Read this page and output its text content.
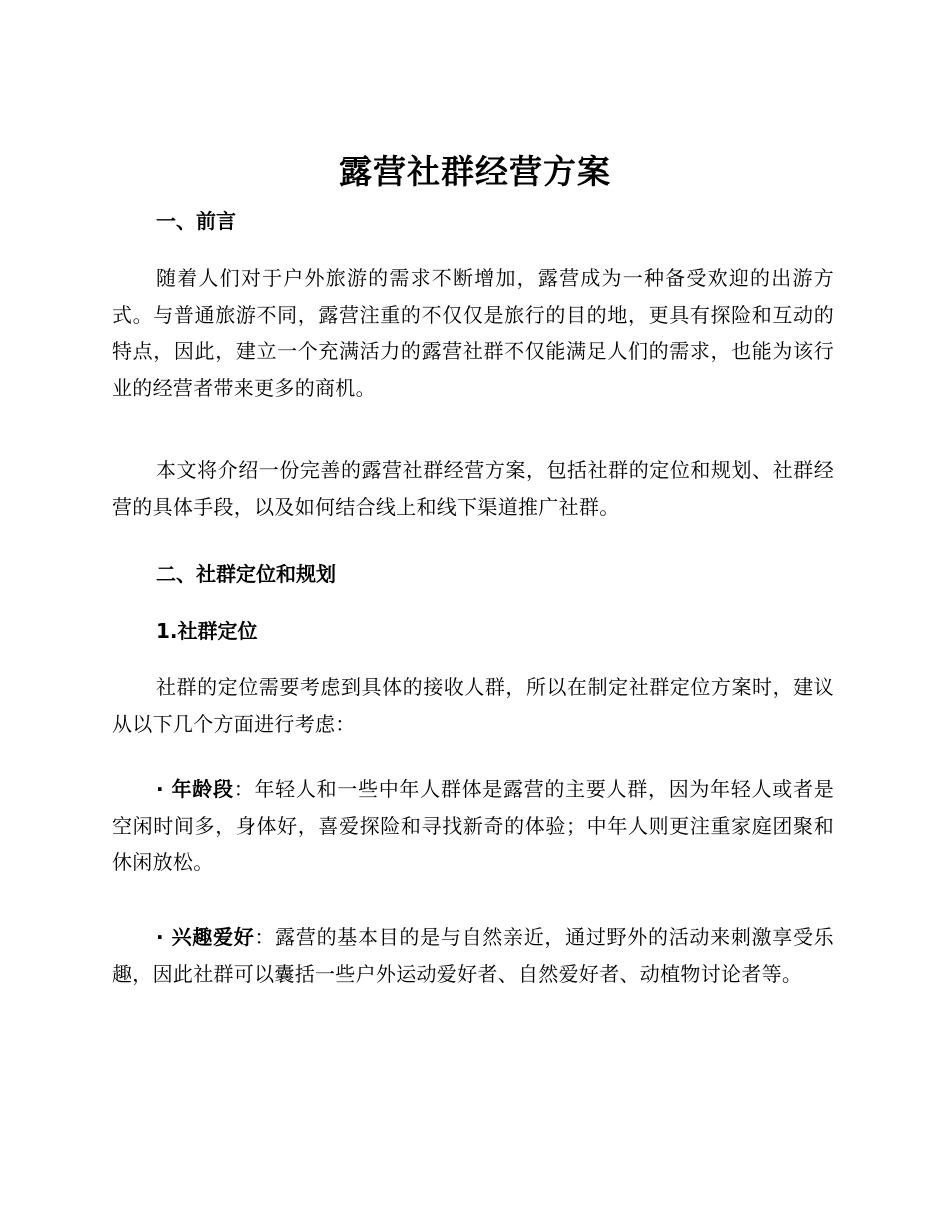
露营社群经营方案
一、前言
随着人们对于户外旅游的需求不断增加，露营成为一种备受欢迎的出游方式。与普通旅游不同，露营注重的不仅仅是旅行的目的地，更具有探险和互动的特点，因此，建立一个充满活力的露营社群不仅能满足人们的需求，也能为该行业的经营者带来更多的商机。
本文将介绍一份完善的露营社群经营方案，包括社群的定位和规划、社群经营的具体手段，以及如何结合线上和线下渠道推广社群。
二、社群定位和规划
1.社群定位
社群的定位需要考虑到具体的接收人群，所以在制定社群定位方案时，建议从以下几个方面进行考虑：
· 年龄段：年轻人和一些中年人群体是露营的主要人群，因为年轻人或者是空闲时间多，身体好，喜爱探险和寻找新奇的体验；中年人则更注重家庭团聚和休闲放松。
· 兴趣爱好：露营的基本目的是与自然亲近，通过野外的活动来刺激享受乐趣，因此社群可以囊括一些户外运动爱好者、自然爱好者、动植物讨论者等。
